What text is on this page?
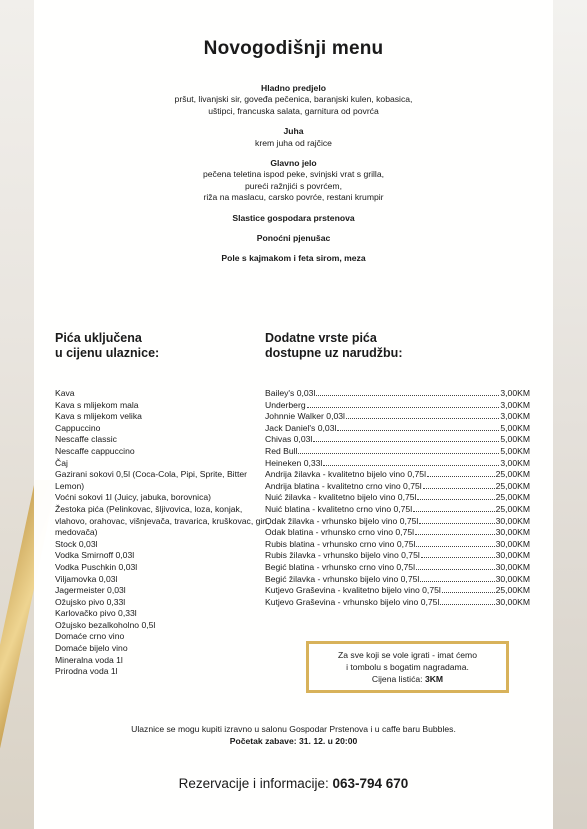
Novogodišnji menu
Hladno predjelo
pršut, livanjski sir, goveđa pečenica, baranjski kulen, kobasica,
uštipci, francuska salata, garnitura od povrća
Juha
krem juha od rajčice
Glavno jelo
pečena teletina ispod peke, svinjski vrat s grilla,
pureći ražnjići s povrćem,
riža na maslacu, carsko povrće, restani krumpir
Slastice gospodara prstenova
Ponoćni pjenušac
Pole s kajmakom i feta sirom, meza
Pića uključena
u cijenu ulaznice:
Kava
Kava s mlijekom mala
Kava s mlijekom velika
Cappuccino
Nescaffe classic
Nescaffe cappuccino
Čaj
Gazirani sokovi 0,5l (Coca-Cola, Pipi, Sprite, Bitter Lemon)
Voćni sokovi 1l (Juicy, jabuka, borovnica)
Žestoka pića (Pelinkovac, šljivovica, loza, konjak, vlahovo, orahovac, višnjevača, travarica, kruškovac, gin, medovača)
Stock 0,03l
Vodka Smirnoff 0,03l
Vodka Puschkin 0,03l
Viljamovka 0,03l
Jagermeister 0,03l
Ožujsko pivo 0,33l
Karlovačko pivo 0,33l
Ožujsko bezalkoholno 0,5l
Domaće crno vino
Domaće bijelo vino
Mineralna voda 1l
Prirodna voda 1l
Dodatne vrste pića
dostupne uz narudžbu:
Bailey's 0,03l	3,00KM
Underberg	3,00KM
Johnnie Walker 0,03l	3,00KM
Jack Daniel's 0,03l	5,00KM
Chivas 0,03l	5,00KM
Red Bull	5,00KM
Heineken 0,33l	3,00KM
Andrija žilavka - kvalitetno bijelo vino 0,75l	25,00KM
Andrija blatina - kvalitetno crno vino 0,75l	25,00KM
Nuić žilavka - kvalitetno bijelo vino 0,75l	25,00KM
Nuić blatina - kvalitetno crno vino 0,75l	25,00KM
Odak žilavka - vrhunsko bijelo vino 0,75l	30,00KM
Odak blatina - vrhunsko crno vino 0,75l	30,00KM
Rubis blatina - vrhunsko crno vino 0,75l	30,00KM
Rubis žilavka - vrhunsko bijelo vino 0,75l	30,00KM
Begić blatina - vrhunsko crno vino 0,75l	30,00KM
Begić žilavka - vrhunsko bijelo vino 0,75l	30,00KM
Kutjevo Graševina - kvalitetno bijelo vino 0,75l	25,00KM
Kutjevo Graševina - vrhunsko bijelo vino 0,75l	30,00KM
Za sve koji se vole igrati - imat ćemo
i tombolu s bogatim nagradama.
Cijena listića: 3KM
Ulaznice se mogu kupiti izravno u salonu Gospodar Prstenova i u caffe baru Bubbles.
Početak zabave: 31. 12. u 20:00
Rezervacije i informacije: 063-794 670
